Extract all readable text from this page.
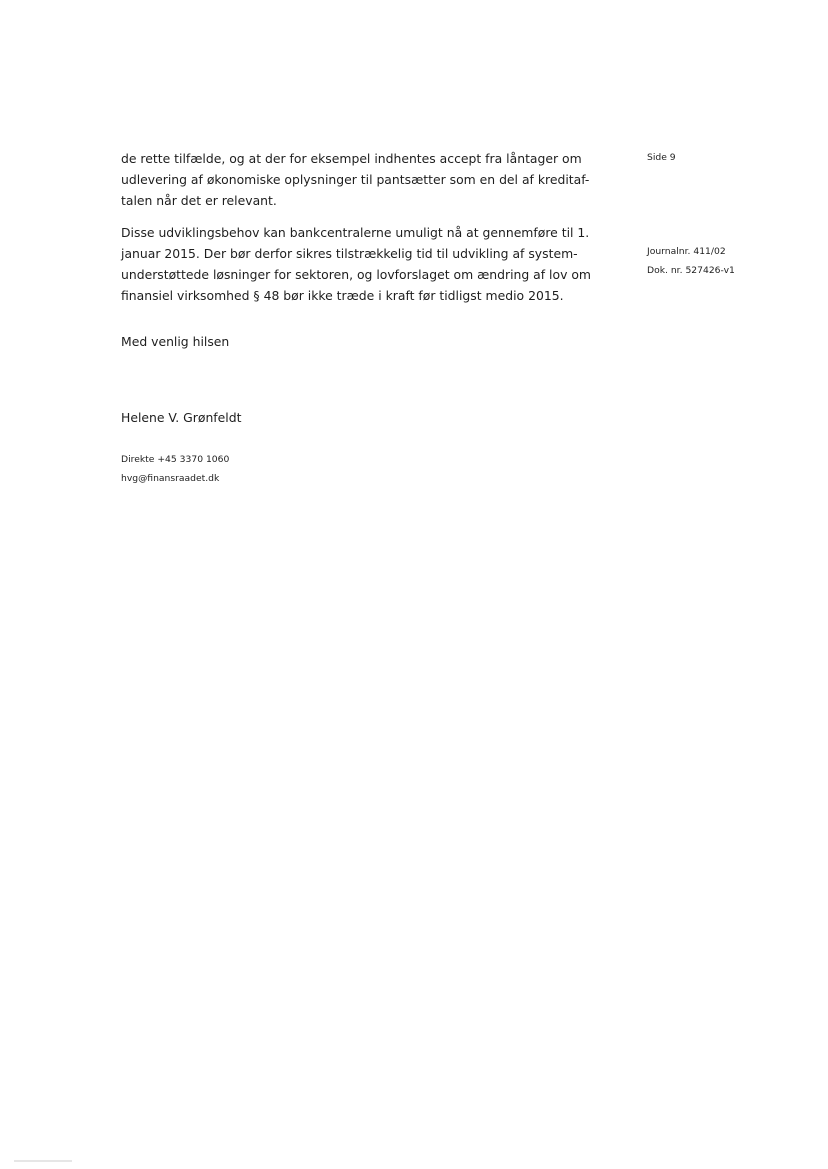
de rette tilfælde, og at der for eksempel indhentes accept fra låntager om
udlevering af økonomiske oplysninger til pantsætter som en del af kreditaf-
talen når det er relevant.
Disse udviklingsbehov kan bankcentralerne umuligt nå at gennemføre til 1.
januar 2015. Der bør derfor sikres tilstrækkelig tid til udvikling af system-
understøttede løsninger for sektoren, og lovforslaget om ændring af lov om
finansiel virksomhed § 48 bør ikke træde i kraft før tidligst medio 2015.
Med venlig hilsen
Helene V. Grønfeldt
Direkte +45 3370 1060
hvg@finansraadet.dk
Side 9
Journalnr. 411/02
Dok. nr. 527426-v1
